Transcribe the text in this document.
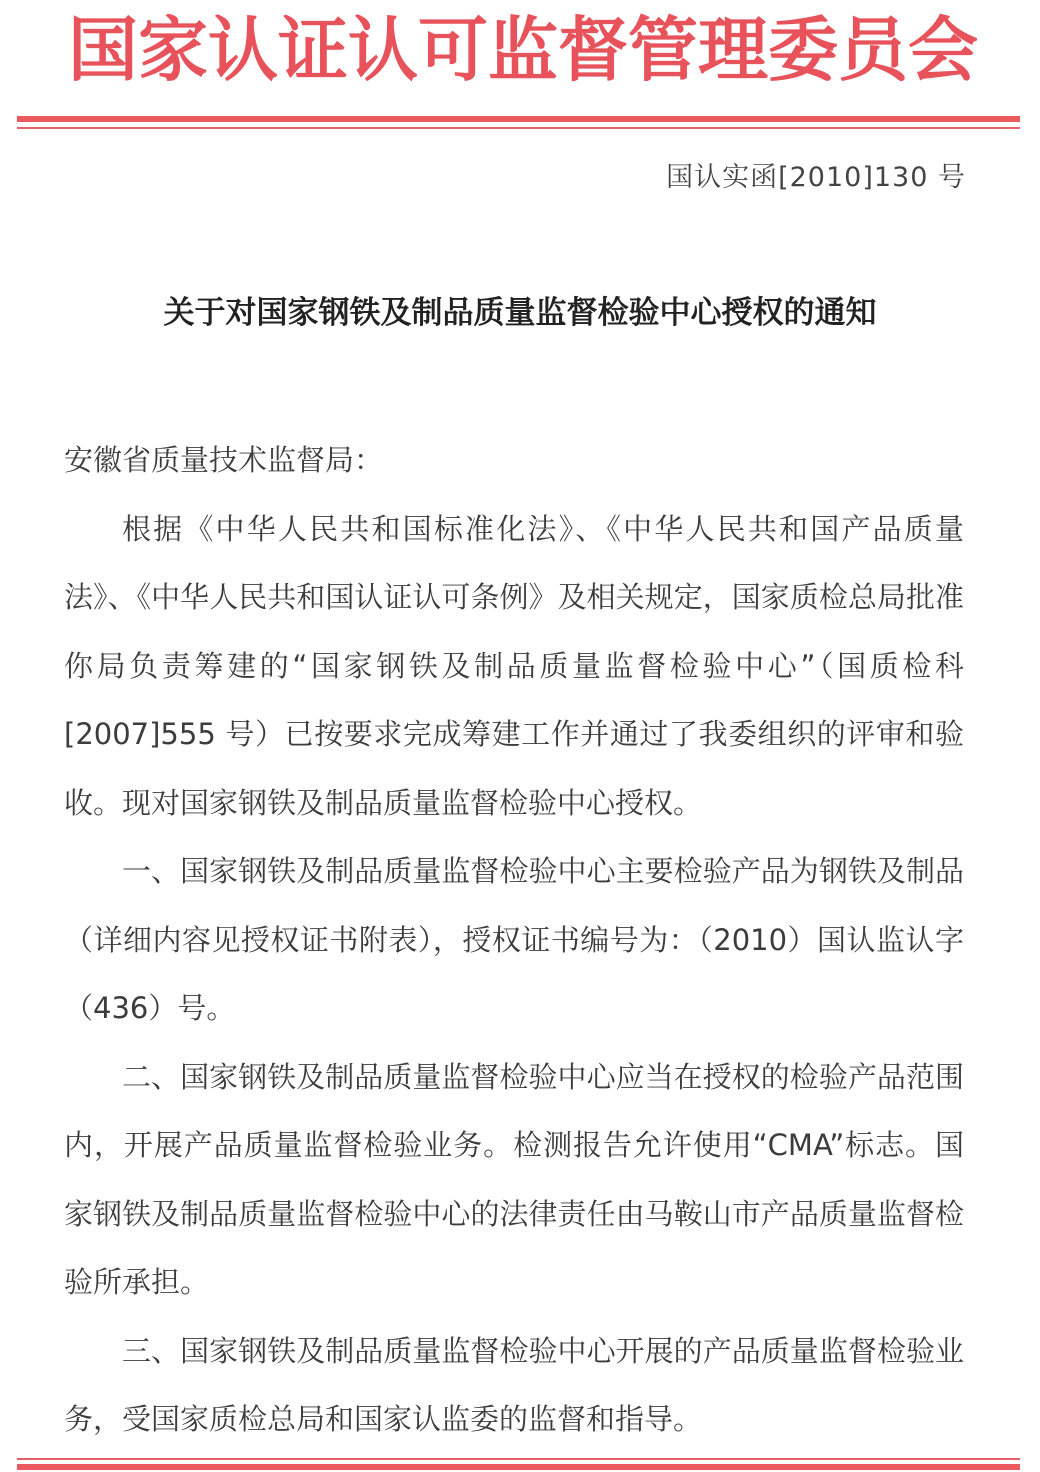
国家认证认可监督管理委员会
国认实函[2010]130 号
关于对国家钢铁及制品质量监督检验中心授权的通知

安徽省质量技术监督局：

根据《中华人民共和国标准化法》、《中华人民共和国产品质量法》、《中华人民共和国认证认可条例》及相关规定，国家质检总局批准你局负责筹建的“国家钢铁及制品质量监督检验中心”（国质检科[2007]555 号）已按要求完成筹建工作并通过了我委组织的评审和验收。现对国家钢铁及制品质量监督检验中心授权。

一、国家钢铁及制品质量监督检验中心主要检验产品为钢铁及制品（详细内容见授权证书附表），授权证书编号为：（2010）国认监认字（436）号。

二、国家钢铁及制品质量监督检验中心应当在授权的检验产品范围内，开展产品质量监督检验业务。检测报告允许使用“CMA”标志。国家钢铁及制品质量监督检验中心的法律责任由马鞍山市产品质量监督检验所承担。

三、国家钢铁及制品质量监督检验中心开展的产品质量监督检验业务，受国家质检总局和国家认监委的监督和指导。
